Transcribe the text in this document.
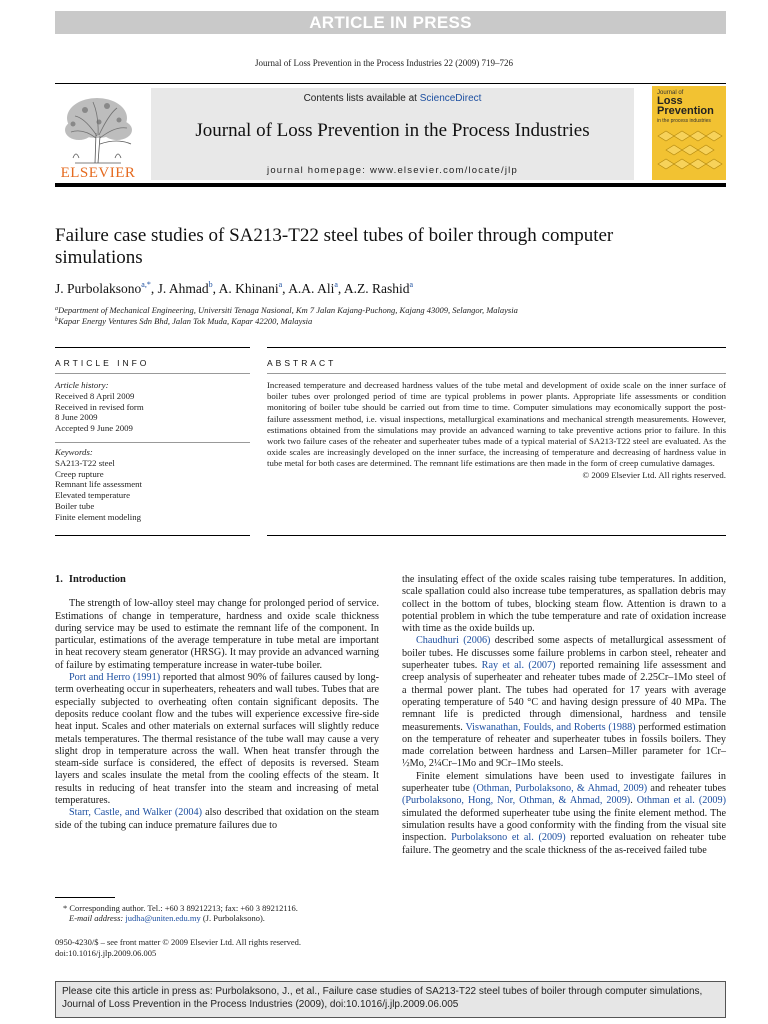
ARTICLE IN PRESS
Journal of Loss Prevention in the Process Industries 22 (2009) 719–726
ELSEVIER
Contents lists available at ScienceDirect
Journal of Loss Prevention in the Process Industries
journal homepage: www.elsevier.com/locate/jlp
Journal of
Loss
Prevention
in the process industries
Failure case studies of SA213-T22 steel tubes of boiler through computer simulations
J. Purbolaksono$^{a,*}$, J. Ahmad$^b$, A. Khinani$^a$, A.A. Ali$^a$, A.Z. Rashid$^a$
$^a$Department of Mechanical Engineering, Universiti Tenaga Nasional, Km 7 Jalan Kajang-Puchong, Kajang 43009, Selangor, Malaysia
$^b$Kapar Energy Ventures Sdn Bhd, Jalan Tok Muda, Kapar 42200, Malaysia
ARTICLE INFO	ABSTRACT
Article history:
Received 8 April 2009
Received in revised form
8 June 2009
Accepted 9 June 2009
Keywords:
SA213-T22 steel
Creep rupture
Remnant life assessment
Elevated temperature
Boiler tube
Finite element modeling
Increased temperature and decreased hardness values of the tube metal and development of oxide scale on the inner surface of boiler tubes over prolonged period of time are typical problems in power plants. Appropriate life assessments or condition monitoring of boiler tube should be carried out from time to time. Computer simulations may economically support the post-failure assessment method, i.e. visual inspections, metallurgical examinations and mechanical strength measurements. However, estimations obtained from the simulations may provide an advanced warning to take preventive actions prior to failure. In this work two failure cases of the reheater and superheater tubes made of a typical material of SA213-T22 steel are evaluated. As the oxide scales are increasingly developed on the inner surface, the increasing of temperature and decreasing of hardness value in tube metal for both cases are determined. The remnant life estimations are then made in the form of creep cumulative damages.
© 2009 Elsevier Ltd. All rights reserved.

1. Introduction

The strength of low-alloy steel may change for prolonged period of service. Estimations of change in temperature, hardness and oxide scale thickness during service may be used to estimate the remnant life of the component. In particular, estimations of the average temperature in tube metal are important in heat recovery steam generator (HRSG). It may provide an advanced warning of failure by estimating temperature increase in water-tube boiler.

Port and Herro (1991) reported that almost 90% of failures caused by long-term overheating occur in superheaters, reheaters and wall tubes. Tubes that are especially subjected to overheating often contain significant deposits. The deposits reduce coolant flow and the tubes will experience excessive fire-side heat input. Scales and other materials on external surfaces will slightly reduce metals temperatures. The thermal resistance of the tube wall may cause a very slight drop in temperature across the wall. When heat transfer through the steam-side surface is considered, the effect of deposits is reversed. Steam layers and scales insulate the metal from the cooling effects of the steam. It results in reducing of heat transfer into the steam and increasing of metal temperatures.

Starr, Castle, and Walker (2004) also described that oxidation on the steam side of the tubing can induce premature failures due to

the insulating effect of the oxide scales raising tube temperatures. In addition, scale spallation could also increase tube temperatures, as spallation debris may collect in the bottom of tubes, blocking steam flow. Attention is drawn to a potential problem in which the tube temperature and rate of oxidation increase with time as the oxide builds up.

Chaudhuri (2006) described some aspects of metallurgical assessment of boiler tubes. He discusses some failure problems in carbon steel, reheater and superheater tubes. Ray et al. (2007) reported remaining life assessment and creep analysis of superheater and reheater tubes made of 2.25Cr–1Mo steel of a thermal power plant. The tubes had operated for 17 years with average operating temperature of 540 °C and having design pressure of 40 MPa. The remnant life is predicted through dimensional, hardness and tensile measurements. Viswanathan, Foulds, and Roberts (1988) performed estimation on the temperature of reheater and superheater tubes in fossils boilers. They made correlation between hardness and Larsen–Miller parameter for 1Cr–½Mo, 2¼Cr–1Mo and 9Cr–1Mo steels.

Finite element simulations have been used to investigate failures in superheater tube (Othman, Purbolaksono, & Ahmad, 2009) and reheater tubes (Purbolaksono, Hong, Nor, Othman, & Ahmad, 2009). Othman et al. (2009) simulated the deformed superheater tube using the finite element method. The simulation results have a good conformity with the finding from the visual site inspection. Purbolaksono et al. (2009) reported evaluation on reheater tube failure. The geometry and the scale thickness of the as-received failed tube

* Corresponding author. Tel.: +60 3 89212213; fax: +60 3 89212116.
E-mail address: judha@uniten.edu.my (J. Purbolaksono).
0950-4230/$ – see front matter © 2009 Elsevier Ltd. All rights reserved.
doi:10.1016/j.jlp.2009.06.005
Please cite this article in press as: Purbolaksono, J., et al., Failure case studies of SA213-T22 steel tubes of boiler through computer simulations, Journal of Loss Prevention in the Process Industries (2009), doi:10.1016/j.jlp.2009.06.005
